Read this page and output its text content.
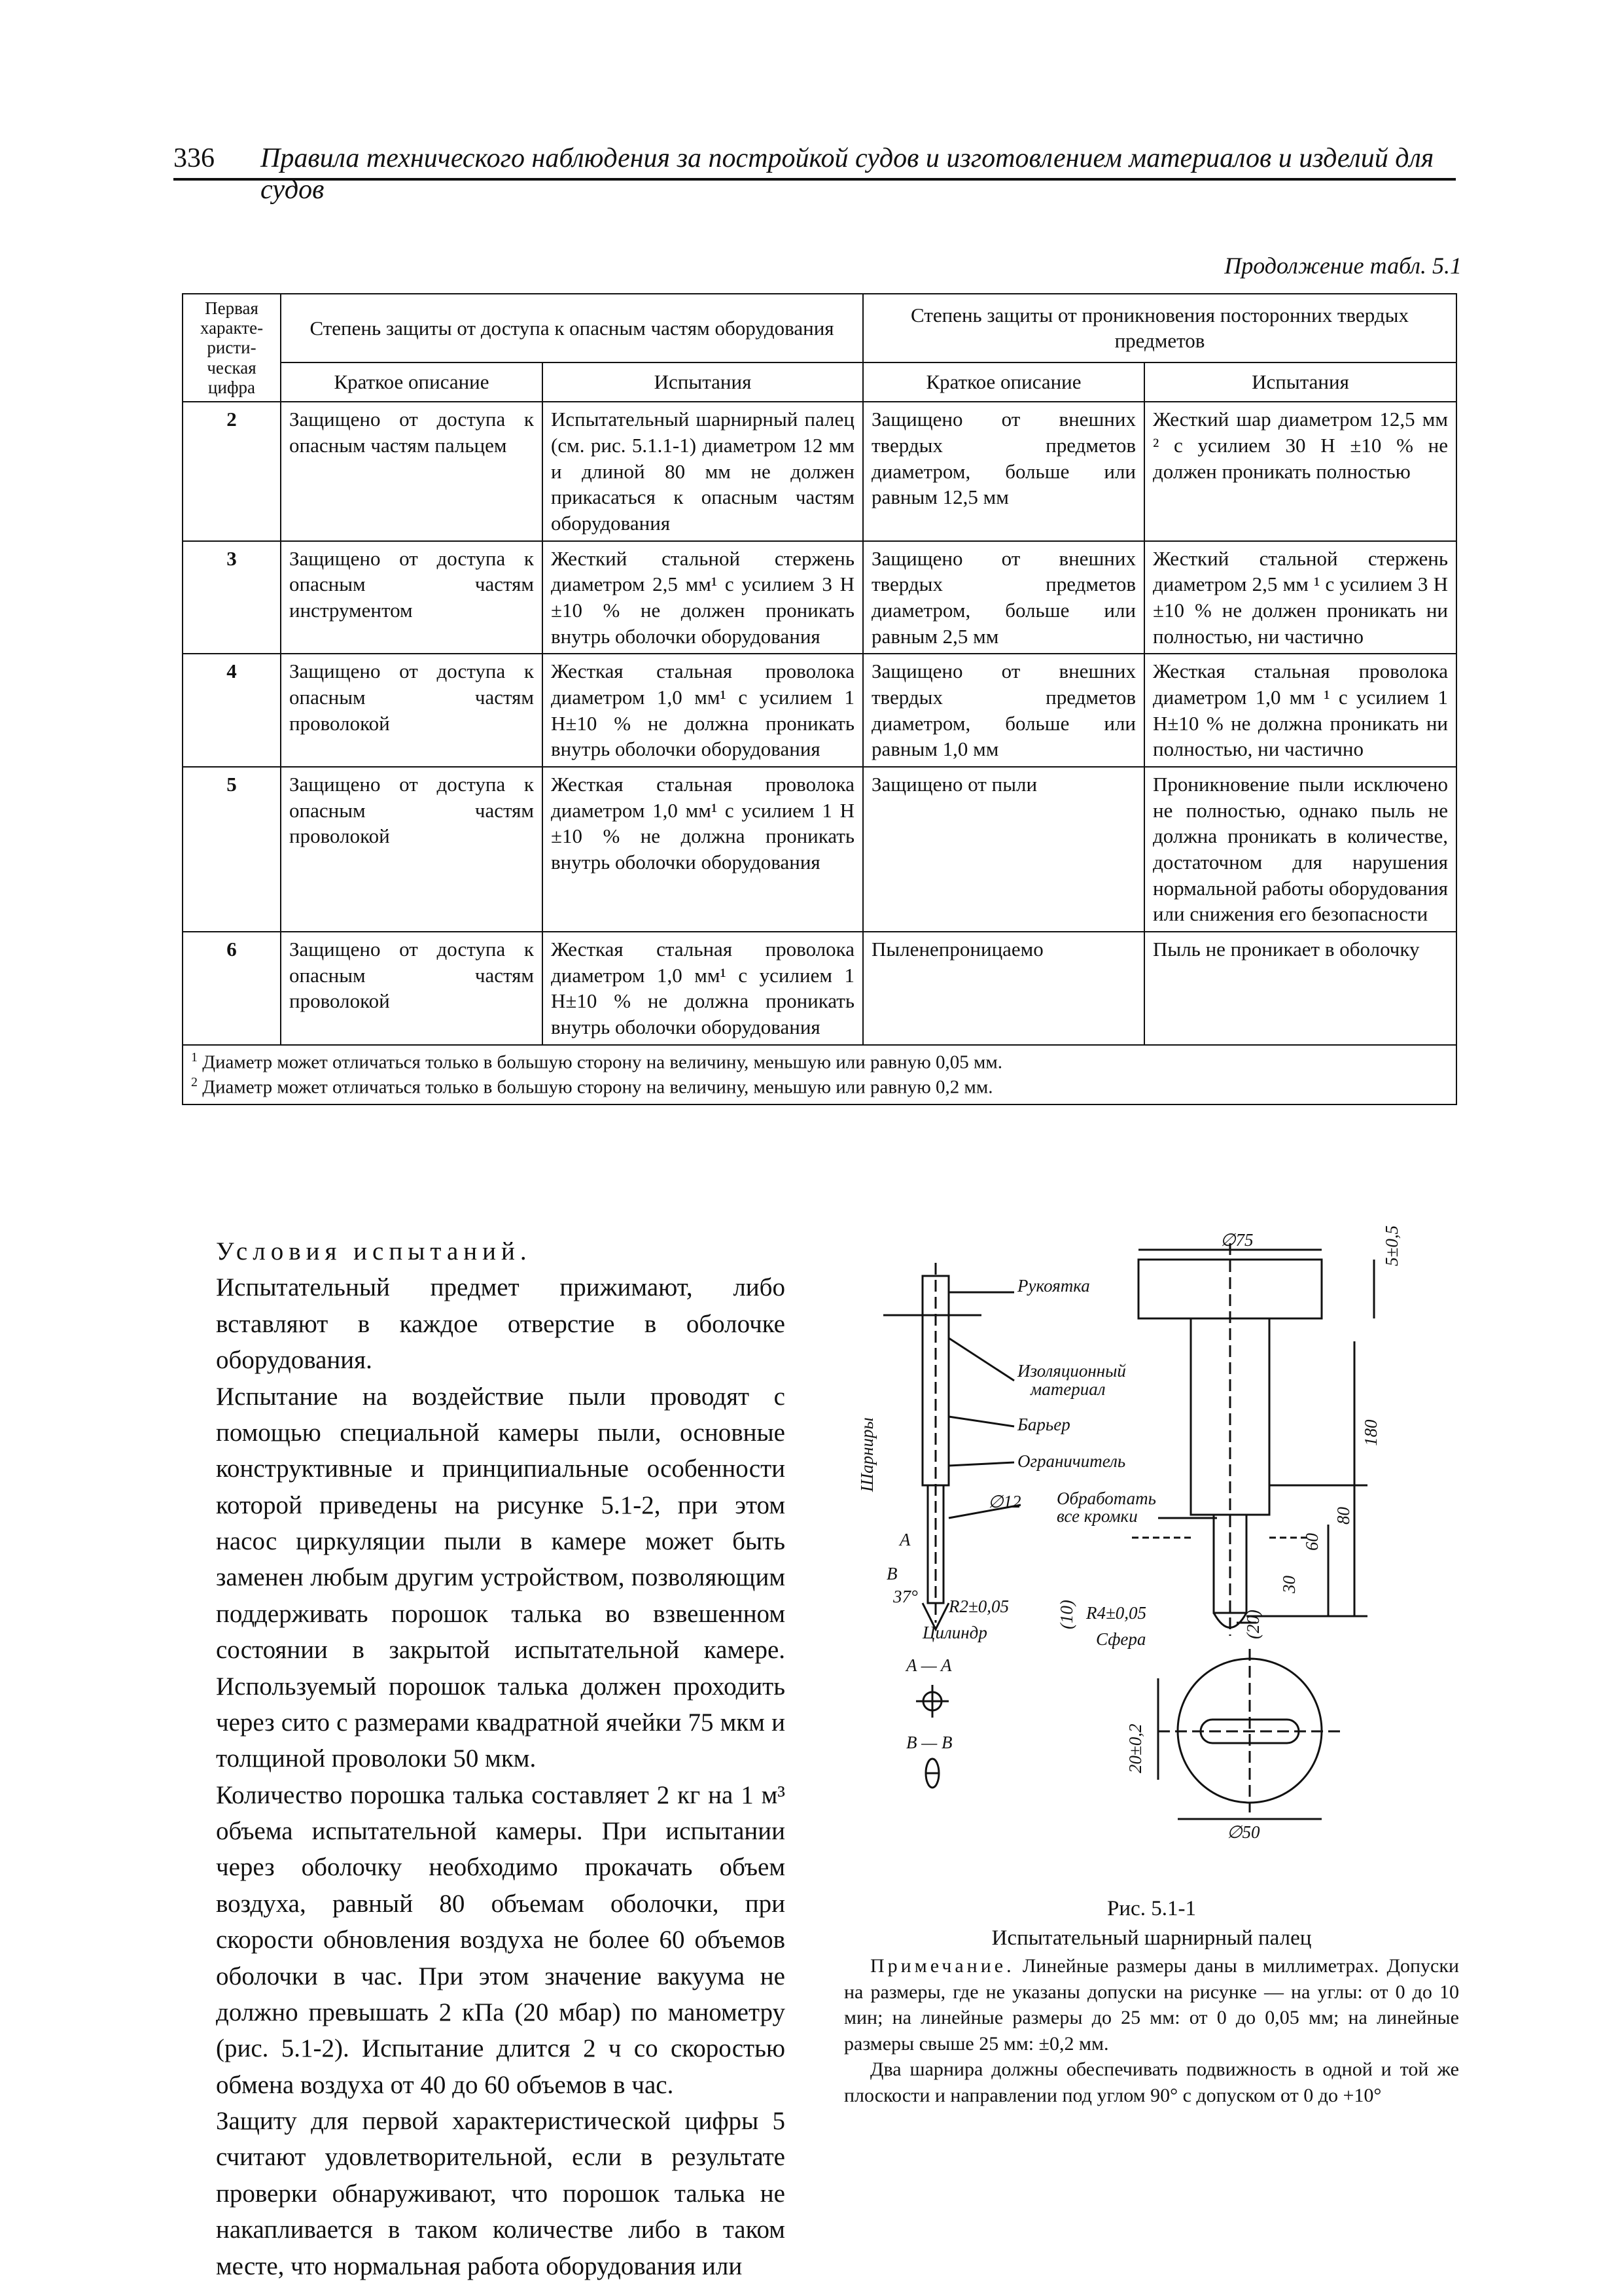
336 Правила технического наблюдения за постройкой судов и изготовлением материалов и изделий для судов
Продолжение табл. 5.1
Первая характе-ристи-ческая цифра	Степень защиты от доступа к опасным частям оборудования		Степень защиты от проникновения посторонних твердых предметов	
	Краткое описание	Испытания	Краткое описание	Испытания
2	Защищено от доступа к опасным частям пальцем	Испытательный шарнирный палец (см. рис. 5.1.1-1) диаметром 12 мм и длиной 80 мм не должен прикасаться к опасным частям оборудования	Защищено от внешних твердых предметов диаметром, больше или равным 12,5 мм	Жесткий шар диаметром 12,5 мм ² с усилием 30 Н ±10 % не должен проникать полностью
3	Защищено от доступа к опасным частям инструментом	Жесткий стальной стержень диаметром 2,5 мм¹ с усилием 3 Н ±10 % не должен проникать внутрь оболочки оборудования	Защищено от внешних твердых предметов диаметром, больше или равным 2,5 мм	Жесткий стальной стержень диаметром 2,5 мм ¹ с усилием 3 Н ±10 % не должен проникать ни полностью, ни частично
4	Защищено от доступа к опасным частям проволокой	Жесткая стальная проволока диаметром 1,0 мм¹ с усилием 1 Н±10 % не должна проникать внутрь оболочки оборудования	Защищено от внешних твердых предметов диаметром, больше или равным 1,0 мм	Жесткая стальная проволока диаметром 1,0 мм ¹ с усилием 1 Н±10 % не должна проникать ни полностью, ни частично
5	Защищено от доступа к опасным частям проволокой	Жесткая стальная проволока диаметром 1,0 мм¹ с усилием 1 Н ±10 % не должна проникать внутрь оболочки оборудования	Защищено от пыли	Проникновение пыли исключено не полностью, однако пыль не должна проникать в количестве, достаточном для нарушения нормальной работы оборудования или снижения его безопасности
6	Защищено от доступа к опасным частям проволокой	Жесткая стальная проволока диаметром 1,0 мм¹ с усилием 1 Н±10 % не должна проникать внутрь оболочки оборудования	Пыленепроницаемо	Пыль не проникает в оболочку

$^1$ Диаметр может отличаться только в большую сторону на величину, меньшую или равную 0,05 мм.
$^2$ Диаметр может отличаться только в большую сторону на величину, меньшую или равную 0,2 мм.				

Условия испытаний.

Испытательный предмет прижимают, либо вставляют в каждое отверстие в оболочке оборудования.

Испытание на воздействие пыли проводят с помощью специальной камеры пыли, основные конструктивные и принципиальные особенности которой приведены на рисунке 5.1-2, при этом насос циркуляции пыли в камере может быть заменен любым другим устройством, позволяющим поддерживать порошок талька во взвешенном состоянии в закрытой испытательной камере. Используемый порошок талька должен проходить через сито с размерами квадратной ячейки 75 мкм и толщиной проволоки 50 мкм.

Количество порошка талька составляет 2 кг на 1 м³ объема испытательной камеры. При испытании через оболочку необходимо прокачать объем воздуха, равный 80 объемам оболочки, при скорости обновления воздуха не более 60 объемов оболочки в час. При этом значение вакуума не должно превышать 2 кПа (20 мбар) по манометру (рис. 5.1-2). Испытание длится 2 ч со скоростью обмена воздуха от 40 до 60 объемов в час.

Защиту для первой характеристической цифры 5 считают удовлетворительной, если в результате проверки обнаруживают, что порошок талька не накапливается в таком количестве либо в таком месте, что нормальная работа оборудования или

∅75	5±0,5
Рукоятка
Изоляционный
материал
Барьер
Ограничитель
Шарниры
∅12 Обработать
все кромки
180
80
60
30
(20)
(10)
R2±0,05	R4±0,05
Цилиндр	Сфера
37°
A
B
A — A
B — B	20±0,2
∅50
Рис. 5.1-1
Испытательный шарнирный палец
Примечание. Линейные размеры даны в миллиметрах. Допуски на размеры, где не указаны допуски на рисунке — на углы: от 0 до 10 мин; на линейные размеры до 25 мм: от 0 до 0,05 мм; на линейные размеры свыше 25 мм: ±0,2 мм.
Два шарнира должны обеспечивать подвижность в одной и той же плоскости и направлении под углом 90° с допуском от 0 до +10°
